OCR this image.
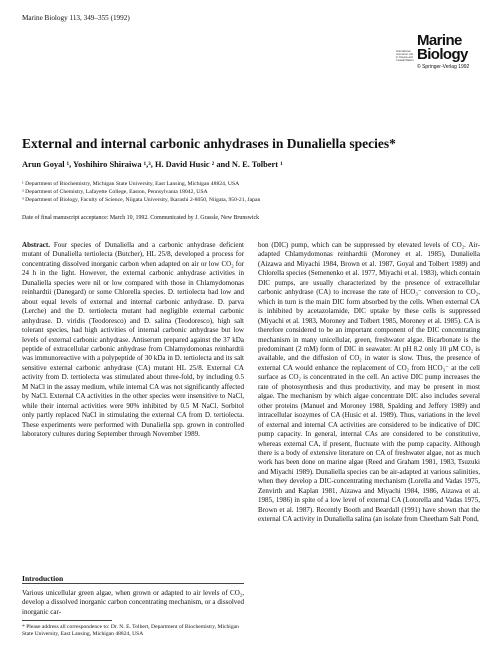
Marine Biology 113, 349–355 (1992)
Marine
International Journal on Life in Oceans and Coastal Waters Biology
© Springer-Verlag 1992
External and internal carbonic anhydrases in Dunaliella species*
Arun Goyal ¹, Yoshihiro Shiraiwa ¹,³, H. David Husic ² and N. E. Tolbert ¹
¹ Department of Biochemistry, Michigan State University, East Lansing, Michigan 48824, USA
² Department of Chemistry, Lafayette College, Easton, Pennsylvania 18042, USA
³ Department of Biology, Faculty of Science, Niigata University, Ikarashi 2-8050, Niigata, 950-21, Japan
Date of final manuscript acceptance: March 10, 1992. Communicated by J. Grassle, New Brunswick

Abstract. Four species of Dunaliella and a carbonic anhydrase deficient mutant of Dunaliella tertiolecta (Butcher), HL 25/8, developed a process for concentrating dissolved inorganic carbon when adapted on air or low CO₂ for 24 h in the light. However, the external carbonic anhydrase activities in Dunaliella species were nil or low compared with those in Chlamydomonas reinhardtii (Danegard) or some Chlorella species. D. tertiolecta had low and about equal levels of external and internal carbonic anhydrase. D. parva (Lerche) and the D. tertiolecta mutant had negligible external carbonic anhydrase. D. viridis (Teodoresco) and D. salina (Teodoresco), high salt tolerant species, had high activities of internal carbonic anhydrase but low levels of external carbonic anhydrase. Antiserum prepared against the 37 kDa peptide of extracellular carbonic anhydrase from Chlamydomonas reinhardtii was immunoreactive with a polypeptide of 30 kDa in D. tertiolecta and its salt sensitive external carbonic anhydrase (CA) mutant HL 25/8. External CA activity from D. tertiolecta was stimulated about three-fold, by including 0.5 M NaCl in the assay medium, while internal CA was not significantly affected by NaCl. External CA activities in the other species were insensitive to NaCl, while their internal activities were 90% inhibited by 0.5 M NaCl. Sorbitol only partly replaced NaCl in stimulating the external CA from D. tertiolecta. These experiments were performed with Dunaliella spp. grown in controlled laboratory cultures during September through November 1989.

Introduction
Various unicellular green algae, when grown or adapted to air levels of CO₂, develop a dissolved inorganic carbon concentrating mechanism, or a dissolved inorganic car-
* Please address all correspondence to: Dr. N. E. Tolbert, Department of Biochemistry, Michigan State University, East Lansing, Michigan 48824, USA

bon (DIC) pump, which can be suppressed by elevated levels of CO₂. Air-adapted Chlamydomonas reinhardtii (Moroney et al. 1985), Dunaliella (Aizawa and Miyachi 1984, Brown et al. 1987, Goyal and Tolbert 1989) and Chlorella species (Semenenko et al. 1977, Miyachi et al. 1983), which contain DIC pumps, are usually characterized by the presence of extracellular carbonic anhydrase (CA) to increase the rate of HCO₃⁻ conversion to CO₂, which in turn is the main DIC form absorbed by the cells. When external CA is inhibited by acetazolamide, DIC uptake by these cells is suppressed (Miyachi et al. 1983, Moroney and Tolbert 1985, Moroney et al. 1985). CA is therefore considered to be an important component of the DIC concentrating mechanism in many unicellular, green, freshwater algae. Bicarbonate is the predominant (2 mM) form of DIC in seawater. At pH 8.2 only 10 µM CO₂ is available, and the diffusion of CO₂ in water is slow. Thus, the presence of external CA would enhance the replacement of CO₂ from HCO₃⁻ at the cell surface as CO₂ is concentrated in the cell. An active DIC pump increases the rate of photosynthesis and thus productivity, and may be present in most algae. The mechanism by which algae concentrate DIC also includes several other proteins (Manuel and Moroney 1988, Spalding and Jeffery 1989) and intracellular isozymes of CA (Husic et al. 1989). Thus, variations in the level of external and internal CA activities are considered to be indicative of DIC pump capacity. In general, internal CAs are considered to be constitutive, whereas external CA, if present, fluctuate with the pump capacity. Although there is a body of extensive literature on CA of freshwater algae, not as much work has been done on marine algae (Reed and Graham 1981, 1983, Tsuzuki and Miyachi 1989). Dunaliella species can be air-adapted at various salinities, when they develop a DIC-concentrating mechanism (Lorella and Vadas 1975, Zenvirth and Kaplan 1981, Aizawa and Miyachi 1984, 1986, Aizawa et al. 1985, 1986) in spite of a low level of external CA (Lotorella and Vadas 1975, Brown et al. 1987). Recently Booth and Beardall (1991) have shown that the external CA activity in Dunaliella salina (an isolate from Cheetham Salt Pond,
